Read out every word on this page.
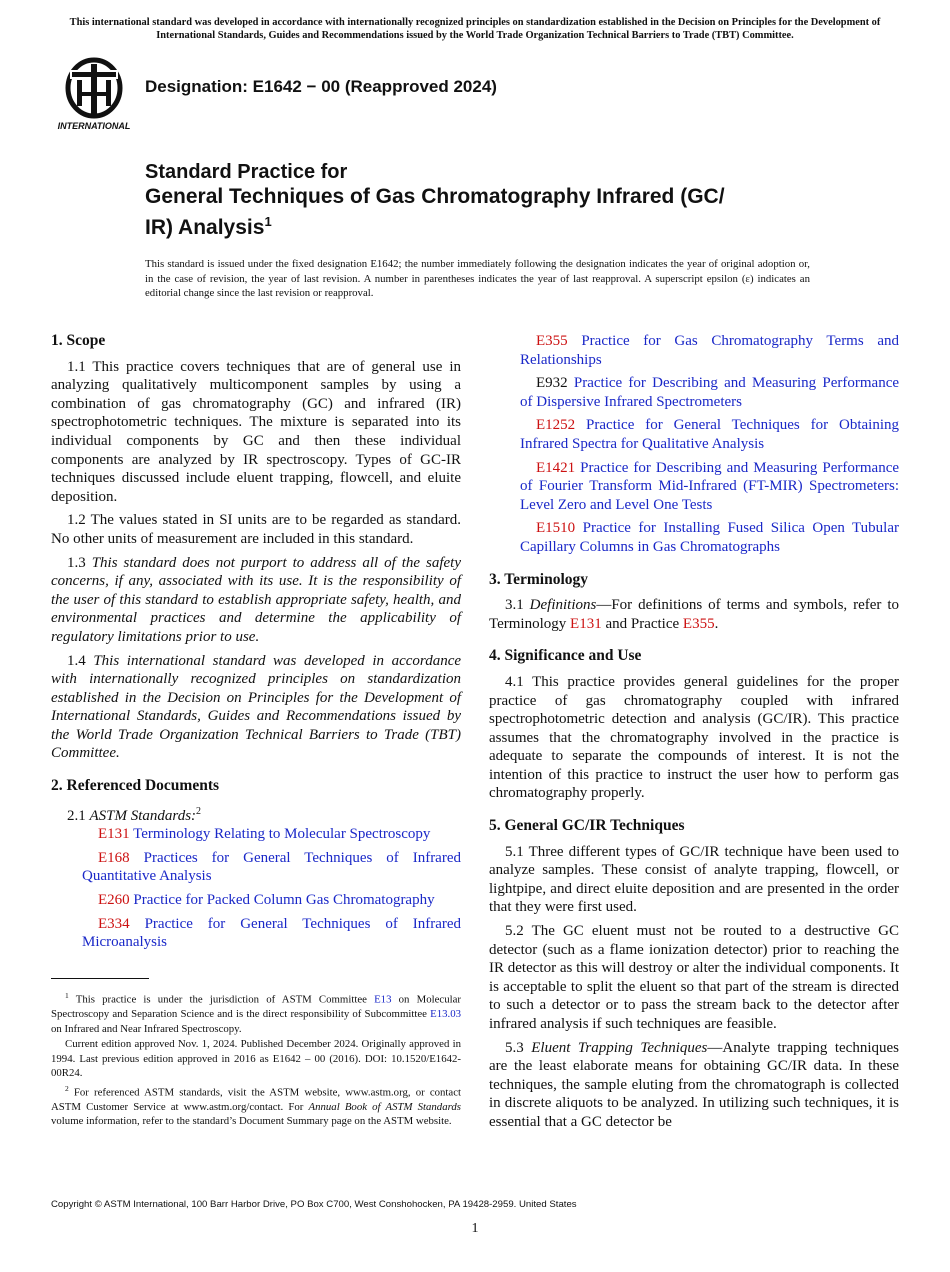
This international standard was developed in accordance with internationally recognized principles on standardization established in the Decision on Principles for the Development of International Standards, Guides and Recommendations issued by the World Trade Organization Technical Barriers to Trade (TBT) Committee.
INTERNATIONAL
Designation: E1642 − 00 (Reapproved 2024)
Standard Practice for
General Techniques of Gas Chromatography Infrared (GC/
IR) Analysis$^1$
This standard is issued under the fixed designation E1642; the number immediately following the designation indicates the year of original adoption or, in the case of revision, the year of last revision. A number in parentheses indicates the year of last reapproval. A superscript epsilon (ε) indicates an editorial change since the last revision or reapproval.
1. Scope

1.1 This practice covers techniques that are of general use in analyzing qualitatively multicomponent samples by using a combination of gas chromatography (GC) and infrared (IR) spectrophotometric techniques. The mixture is separated into its individual components by GC and then these individual components are analyzed by IR spectroscopy. Types of GC-IR techniques discussed include eluent trapping, flowcell, and eluite deposition.

1.2 The values stated in SI units are to be regarded as standard. No other units of measurement are included in this standard.

1.3 This standard does not purport to address all of the safety concerns, if any, associated with its use. It is the responsibility of the user of this standard to establish appropriate safety, health, and environmental practices and determine the applicability of regulatory limitations prior to use.

1.4 This international standard was developed in accordance with internationally recognized principles on standardization established in the Decision on Principles for the Development of International Standards, Guides and Recommendations issued by the World Trade Organization Technical Barriers to Trade (TBT) Committee.

2. Referenced Documents

2.1 ASTM Standards:$^2$

E131 Terminology Relating to Molecular Spectroscopy

E168 Practices for General Techniques of Infrared Quantitative Analysis

E260 Practice for Packed Column Gas Chromatography

E334 Practice for General Techniques of Infrared Microanalysis

$^1$ This practice is under the jurisdiction of ASTM Committee E13 on Molecular Spectroscopy and Separation Science and is the direct responsibility of Subcommittee E13.03 on Infrared and Near Infrared Spectroscopy.

Current edition approved Nov. 1, 2024. Published December 2024. Originally approved in 1994. Last previous edition approved in 2016 as E1642 – 00 (2016). DOI: 10.1520/E1642-00R24.

$^2$ For referenced ASTM standards, visit the ASTM website, www.astm.org, or contact ASTM Customer Service at www.astm.org/contact. For Annual Book of ASTM Standards volume information, refer to the standard’s Document Summary page on the ASTM website.

E355 Practice for Gas Chromatography Terms and Relationships

E932 Practice for Describing and Measuring Performance of Dispersive Infrared Spectrometers

E1252 Practice for General Techniques for Obtaining Infrared Spectra for Qualitative Analysis

E1421 Practice for Describing and Measuring Performance of Fourier Transform Mid-Infrared (FT-MIR) Spectrometers: Level Zero and Level One Tests

E1510 Practice for Installing Fused Silica Open Tubular Capillary Columns in Gas Chromatographs

3. Terminology

3.1 Definitions—For definitions of terms and symbols, refer to Terminology E131 and Practice E355.

4. Significance and Use

4.1 This practice provides general guidelines for the proper practice of gas chromatography coupled with infrared spectrophotometric detection and analysis (GC/IR). This practice assumes that the chromatography involved in the practice is adequate to separate the compounds of interest. It is not the intention of this practice to instruct the user how to perform gas chromatography properly.

5. General GC/IR Techniques

5.1 Three different types of GC/IR technique have been used to analyze samples. These consist of analyte trapping, flowcell, or lightpipe, and direct eluite deposition and are presented in the order that they were first used.

5.2 The GC eluent must not be routed to a destructive GC detector (such as a flame ionization detector) prior to reaching the IR detector as this will destroy or alter the individual components. It is acceptable to split the eluent so that part of the stream is directed to such a detector or to pass the stream back to the detector after infrared analysis if such techniques are feasible.

5.3 Eluent Trapping Techniques—Analyte trapping techniques are the least elaborate means for obtaining GC/IR data. In these techniques, the sample eluting from the chromatograph is collected in discrete aliquots to be analyzed. In utilizing such techniques, it is essential that a GC detector be

Copyright © ASTM International, 100 Barr Harbor Drive, PO Box C700, West Conshohocken, PA 19428-2959. United States
1
